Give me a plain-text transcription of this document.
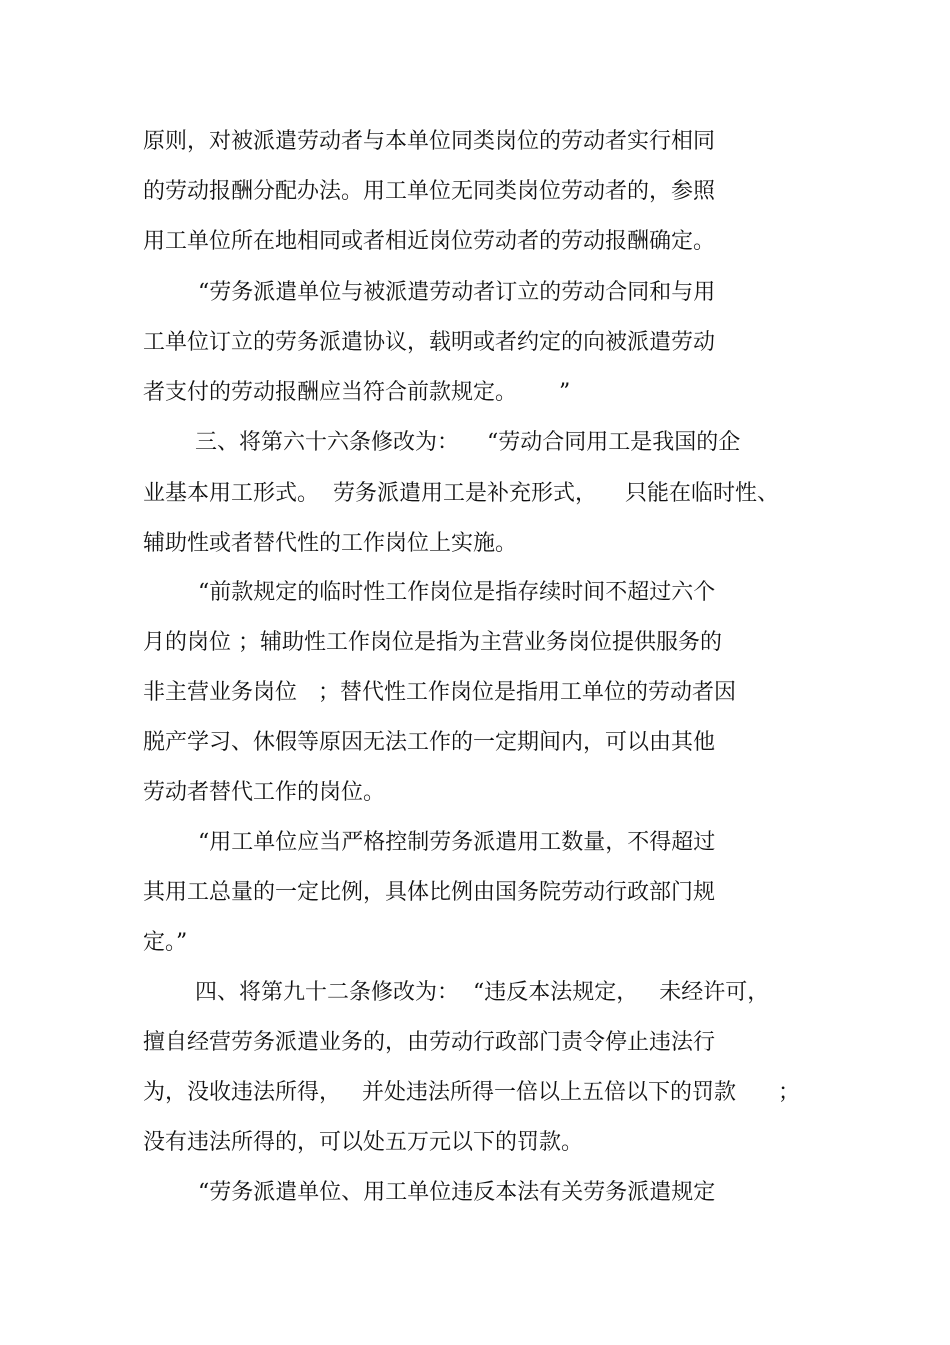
原则，对被派遣劳动者与本单位同类岗位的劳动者实行相同
的劳动报酬分配办法。用工单位无同类岗位劳动者的，参照
用工单位所在地相同或者相近岗位劳动者的劳动报酬确定。
“劳务派遣单位与被派遣劳动者订立的劳动合同和与用
工单位订立的劳务派遣协议，载明或者约定的向被派遣劳动
者支付的劳动报酬应当符合前款规定。      ”
三、将第六十六条修改为：    “劳动合同用工是我国的企
业基本用工形式。  劳务派遣用工是补充形式，    只能在临时性、
辅助性或者替代性的工作岗位上实施。
“前款规定的临时性工作岗位是指存续时间不超过六个
月的岗位 ；辅助性工作岗位是指为主营业务岗位提供服务的
非主营业务岗位   ；替代性工作岗位是指用工单位的劳动者因
脱产学习、休假等原因无法工作的一定期间内，可以由其他
劳动者替代工作的岗位。
“用工单位应当严格控制劳务派遣用工数量，不得超过
其用工总量的一定比例，具体比例由国务院劳动行政部门规
定。”
四、将第九十二条修改为：  “违反本法规定，   未经许可，
擅自经营劳务派遣业务的，由劳动行政部门责令停止违法行
为，没收违法所得，   并处违法所得一倍以上五倍以下的罚款      ；
没有违法所得的，可以处五万元以下的罚款。
“劳务派遣单位、用工单位违反本法有关劳务派遣规定
